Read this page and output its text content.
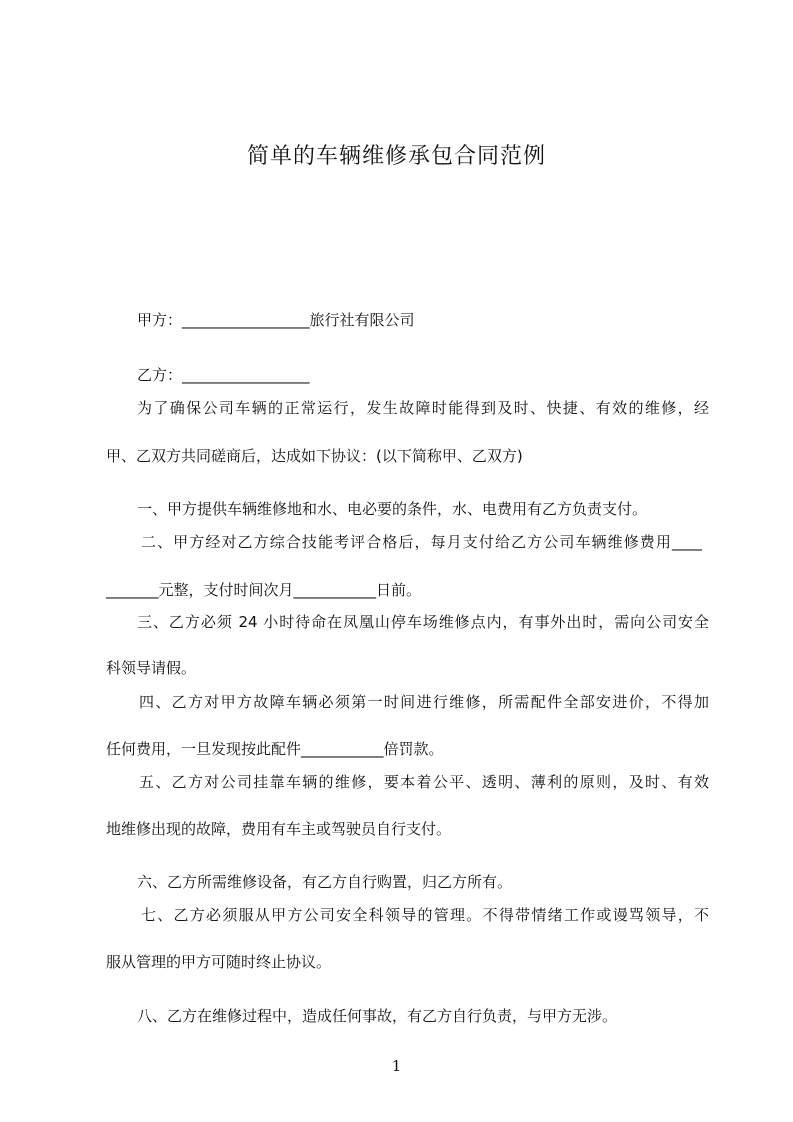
简单的车辆维修承包合同范例

甲方：_________________旅行社有限公司

乙方：_________________

为了确保公司车辆的正常运行，发生故障时能得到及时、快捷、有效的维修，经

甲、乙双方共同磋商后，达成如下协议：(以下简称甲、乙双方)

一、甲方提供车辆维修地和水、电必要的条件，水、电费用有乙方负责支付。

二、甲方经对乙方综合技能考评合格后，每月支付给乙方公司车辆维修费用____

_______元整，支付时间次月___________日前。

三、乙方必须 24 小时待命在凤凰山停车场维修点内，有事外出时，需向公司安全

科领导请假。

四、乙方对甲方故障车辆必须第一时间进行维修，所需配件全部安进价，不得加

任何费用，一旦发现按此配件___________倍罚款。

五、乙方对公司挂靠车辆的维修，要本着公平、透明、薄利的原则，及时、有效

地维修出现的故障，费用有车主或驾驶员自行支付。

六、乙方所需维修设备，有乙方自行购置，归乙方所有。

七、乙方必须服从甲方公司安全科领导的管理。不得带情绪工作或谩骂领导，不

服从管理的甲方可随时终止协议。

八、乙方在维修过程中，造成任何事故，有乙方自行负责，与甲方无涉。

1
